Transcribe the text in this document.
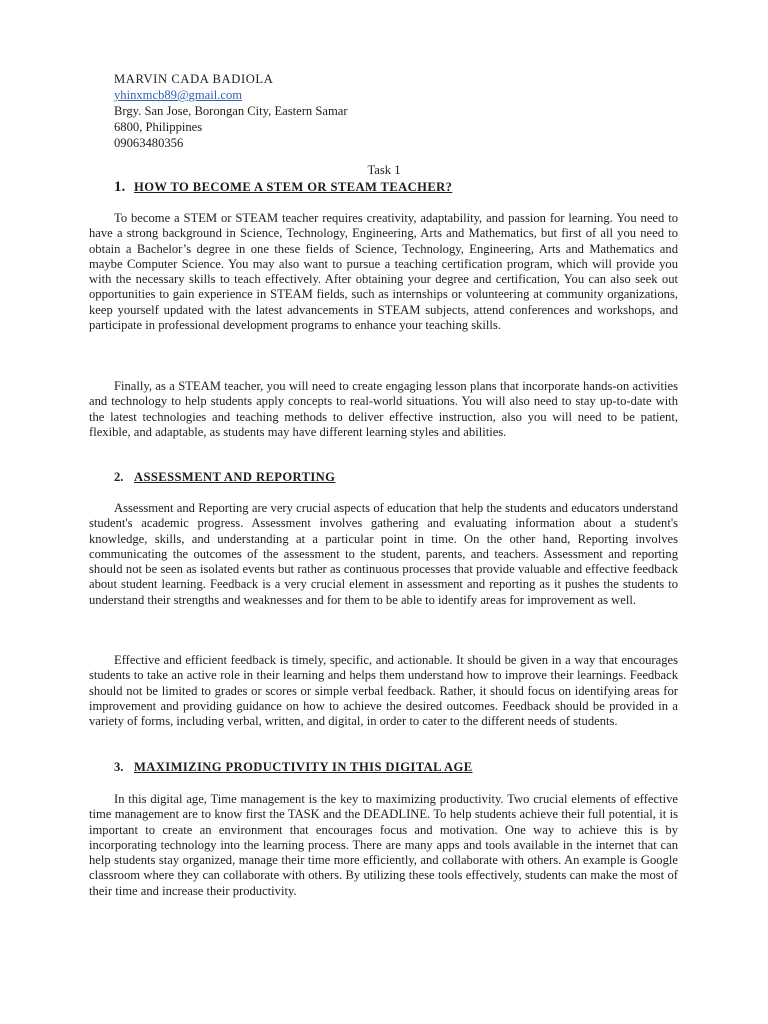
MARVIN CADA BADIOLA
yhinxmcb89@gmail.com
Brgy. San Jose, Borongan City, Eastern Samar
6800, Philippines
09063480356
Task 1
1. HOW TO BECOME A STEM OR STEAM TEACHER?

To become a STEM or STEAM teacher requires creativity, adaptability, and passion for learning. You need to have a strong background in Science, Technology, Engineering, Arts and Mathematics, but first of all you need to obtain a Bachelor’s degree in one these fields of Science, Technology, Engineering, Arts and Mathematics and maybe Computer Science. You may also want to pursue a teaching certification program, which will provide you with the necessary skills to teach effectively. After obtaining your degree and certification, You can also seek out opportunities to gain experience in STEAM fields, such as internships or volunteering at community organizations, keep yourself updated with the latest advancements in STEAM subjects, attend conferences and workshops, and participate in professional development programs to enhance your teaching skills.

Finally, as a STEAM teacher, you will need to create engaging lesson plans that incorporate hands-on activities and technology to help students apply concepts to real-world situations. You will also need to stay up-to-date with the latest technologies and teaching methods to deliver effective instruction, also you will need to be patient, flexible, and adaptable, as students may have different learning styles and abilities.

2. ASSESSMENT AND REPORTING

Assessment and Reporting are very crucial aspects of education that help the students and educators understand student's academic progress. Assessment involves gathering and evaluating information about a student's knowledge, skills, and understanding at a particular point in time. On the other hand, Reporting involves communicating the outcomes of the assessment to the student, parents, and teachers. Assessment and reporting should not be seen as isolated events but rather as continuous processes that provide valuable and effective feedback about student learning. Feedback is a very crucial element in assessment and reporting as it pushes the students to understand their strengths and weaknesses and for them to be able to identify areas for improvement as well.

Effective and efficient feedback is timely, specific, and actionable. It should be given in a way that encourages students to take an active role in their learning and helps them understand how to improve their learnings. Feedback should not be limited to grades or scores or simple verbal feedback. Rather, it should focus on identifying areas for improvement and providing guidance on how to achieve the desired outcomes. Feedback should be provided in a variety of forms, including verbal, written, and digital, in order to cater to the different needs of students.

3. MAXIMIZING PRODUCTIVITY IN THIS DIGITAL AGE

In this digital age, Time management is the key to maximizing productivity. Two crucial elements of effective time management are to know first the TASK and the DEADLINE. To help students achieve their full potential, it is important to create an environment that encourages focus and motivation. One way to achieve this is by incorporating technology into the learning process. There are many apps and tools available in the internet that can help students stay organized, manage their time more efficiently, and collaborate with others. An example is Google classroom where they can collaborate with others. By utilizing these tools effectively, students can make the most of their time and increase their productivity.
